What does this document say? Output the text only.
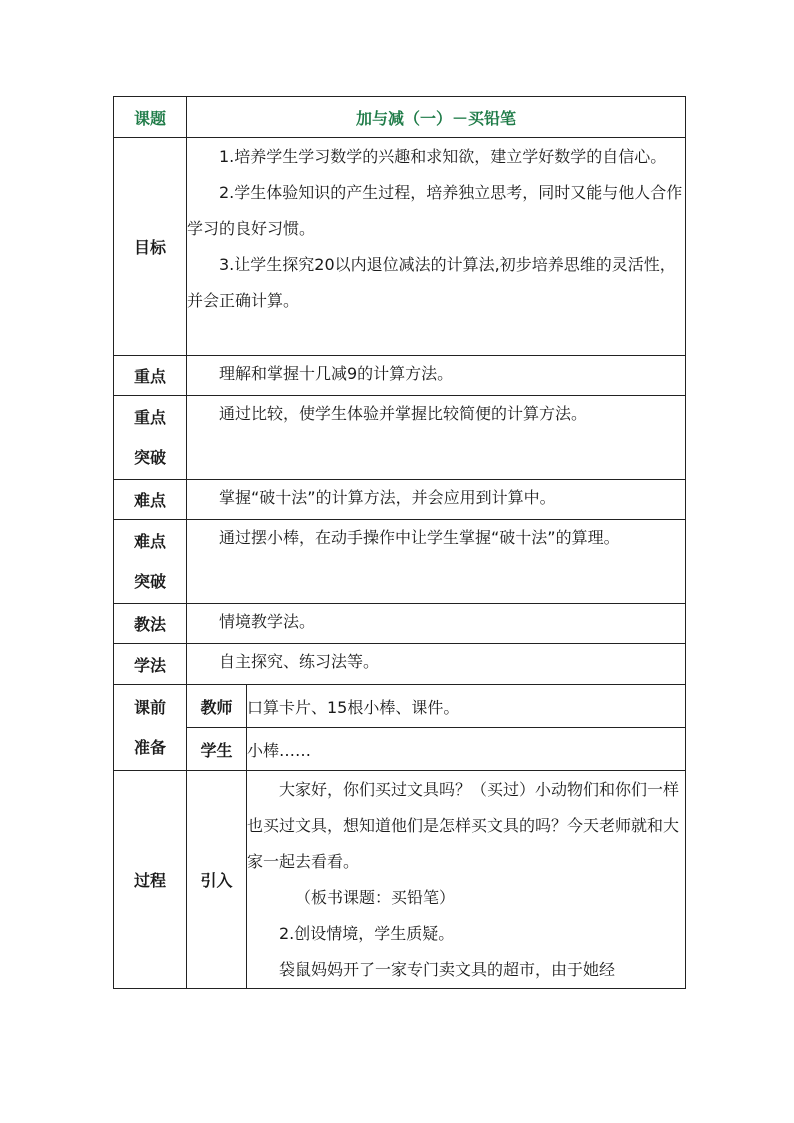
课题	加与减（一）－买铅笔	
目标	1.培养学生学习数学的兴趣和求知欲，建立学好数学的自信心。

2.学生体验知识的产生过程，培养独立思考，同时又能与他人合作学习的良好习惯。

3.让学生探究20以内退位减法的计算法,初步培养思维的灵活性，并会正确计算。	

重点	理解和掌握十几减9的计算方法。	

重点
突破	通过比较，使学生体验并掌握比较简便的计算方法。	

难点	掌握“破十法”的计算方法，并会应用到计算中。	

难点
突破	通过摆小棒，在动手操作中让学生掌握“破十法”的算理。	

教法	情境教学法。	

学法	自主探究、练习法等。	

课前
准备	教师	口算卡片、15根小棒、课件。
	学生	小棒……
过程	引入	大家好，你们买过文具吗？（买过）小动物们和你们一样也买过文具，想知道他们是怎样买文具的吗？今天老师就和大家一起去看看。

（板书课题：买铅笔）

2.创设情境，学生质疑。

袋鼠妈妈开了一家专门卖文具的超市，由于她经
